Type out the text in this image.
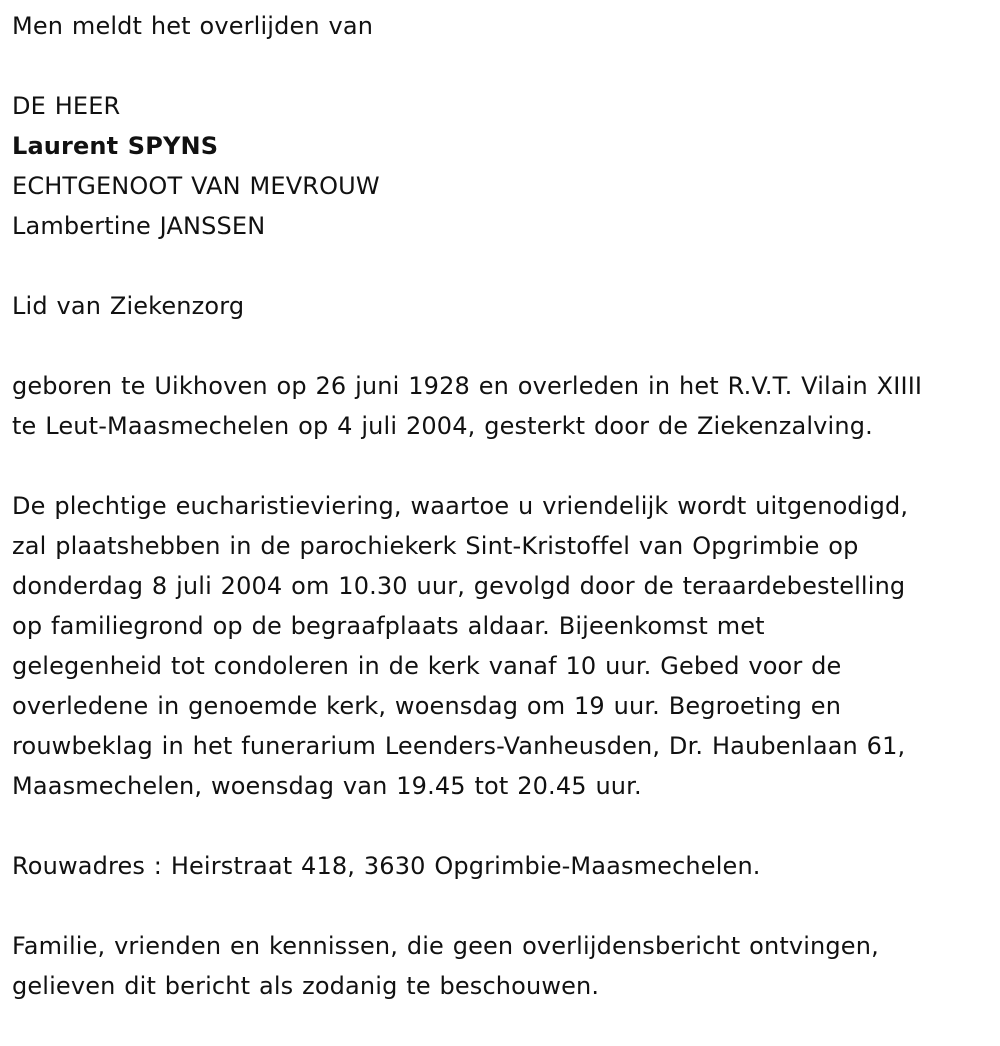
Men meldt het overlijden van

DE HEER

Laurent SPYNS

ECHTGENOOT VAN MEVROUW

Lambertine JANSSEN

Lid van Ziekenzorg

geboren te Uikhoven op 26 juni 1928 en overleden in het R.V.T. Vilain XIIII

te Leut-Maasmechelen op 4 juli 2004, gesterkt door de Ziekenzalving.

De plechtige eucharistieviering, waartoe u vriendelijk wordt uitgenodigd,

zal plaatshebben in de parochiekerk Sint-Kristoffel van Opgrimbie op

donderdag 8 juli 2004 om 10.30 uur, gevolgd door de teraardebestelling

op familiegrond op de begraafplaats aldaar. Bijeenkomst met

gelegenheid tot condoleren in de kerk vanaf 10 uur. Gebed voor de

overledene in genoemde kerk, woensdag om 19 uur. Begroeting en

rouwbeklag in het funerarium Leenders-Vanheusden, Dr. Haubenlaan 61,

Maasmechelen, woensdag van 19.45 tot 20.45 uur.

Rouwadres : Heirstraat 418, 3630 Opgrimbie-Maasmechelen.

Familie, vrienden en kennissen, die geen overlijdensbericht ontvingen,

gelieven dit bericht als zodanig te beschouwen.
